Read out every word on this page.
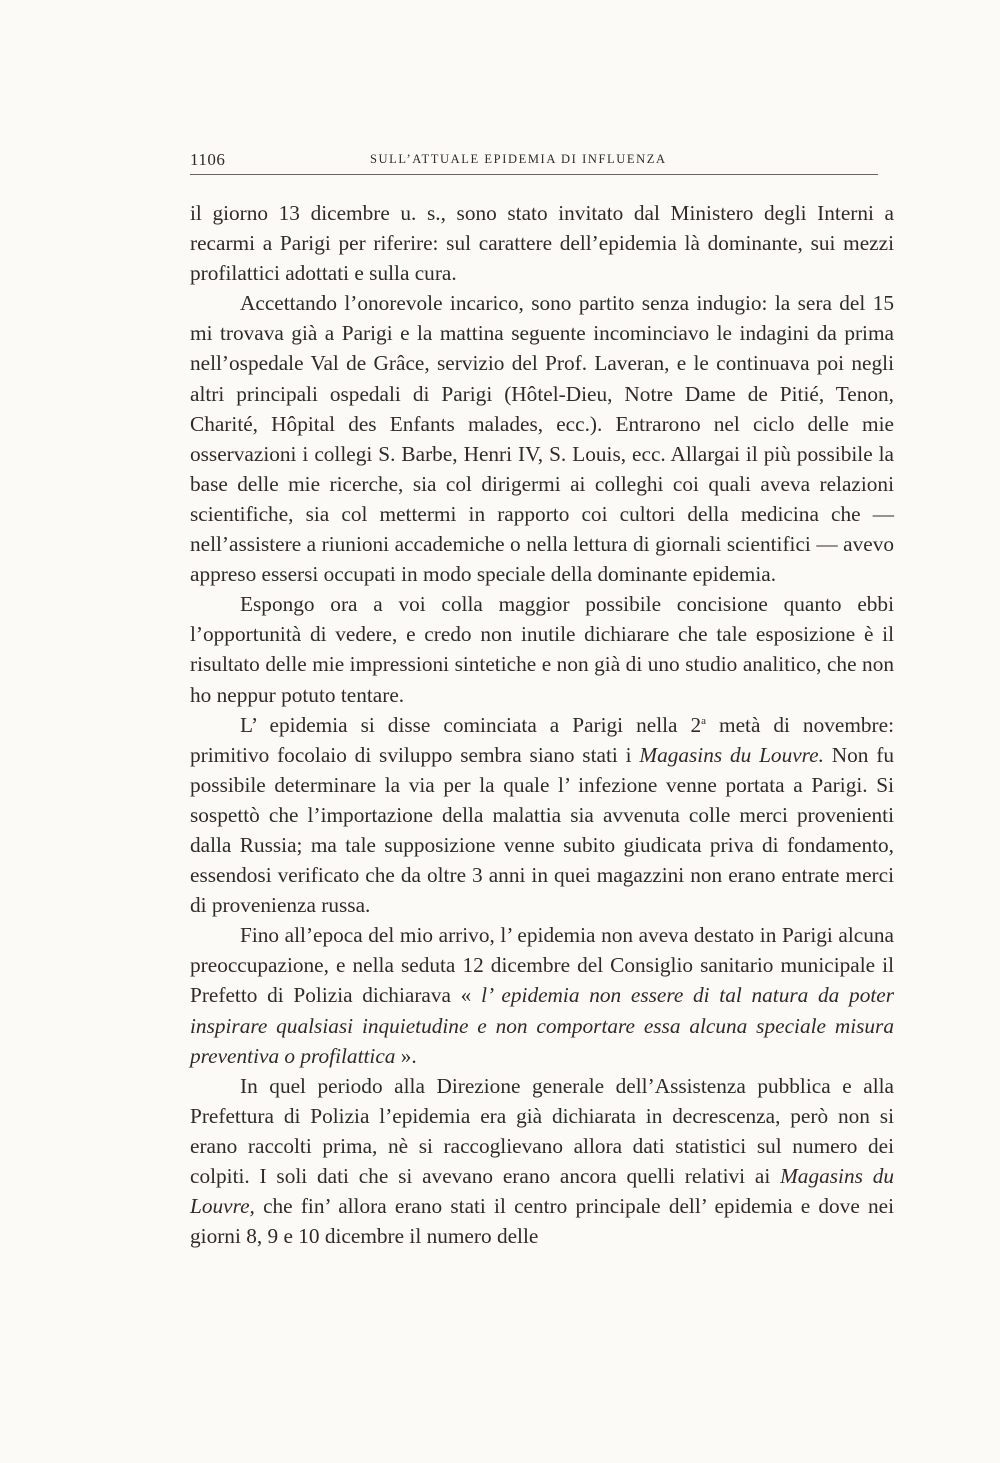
1106	SULL’ATTUALE EPIDEMIA DI INFLUENZA

il giorno 13 dicembre u. s., sono stato invitato dal Ministero degli Interni a recarmi a Parigi per riferire: sul carattere dell’epidemia là dominante, sui mezzi profilattici adottati e sulla cura.

Accettando l’onorevole incarico, sono partito senza indugio: la sera del 15 mi trovava già a Parigi e la mattina seguente incominciavo le indagini da prima nell’ospedale Val de Grâce, servizio del Prof. Laveran, e le continuava poi negli altri principali ospedali di Parigi (Hôtel-Dieu, Notre Dame de Pitié, Tenon, Charité, Hôpital des Enfants malades, ecc.). Entrarono nel ciclo delle mie osservazioni i collegi S. Barbe, Henri IV, S. Louis, ecc. Allargai il più possibile la base delle mie ricerche, sia col dirigermi ai colleghi coi quali aveva relazioni scientifiche, sia col mettermi in rapporto coi cultori della medicina che — nell’assistere a riunioni accademiche o nella lettura di giornali scientifici — avevo appreso essersi occupati in modo speciale della dominante epidemia.

Espongo ora a voi colla maggior possibile concisione quanto ebbi l’opportunità di vedere, e credo non inutile dichiarare che tale esposizione è il risultato delle mie impressioni sintetiche e non già di uno studio analitico, che non ho neppur potuto tentare.

L’ epidemia si disse cominciata a Parigi nella 2$^a$ metà di novembre: primitivo focolaio di sviluppo sembra siano stati i Magasins du Louvre. Non fu possibile determinare la via per la quale l’ infezione venne portata a Parigi. Si sospettò che l’importazione della malattia sia avvenuta colle merci provenienti dalla Russia; ma tale supposizione venne subito giudicata priva di fondamento, essendosi verificato che da oltre 3 anni in quei magazzini non erano entrate merci di provenienza russa.

Fino all’epoca del mio arrivo, l’ epidemia non aveva destato in Parigi alcuna preoccupazione, e nella seduta 12 dicembre del Consiglio sanitario municipale il Prefetto di Polizia dichiarava « l’ epidemia non essere di tal natura da poter inspirare qualsiasi inquietudine e non comportare essa alcuna speciale misura preventiva o profilattica ».

In quel periodo alla Direzione generale dell’Assistenza pubblica e alla Prefettura di Polizia l’epidemia era già dichiarata in decrescenza, però non si erano raccolti prima, nè si raccoglievano allora dati statistici sul numero dei colpiti. I soli dati che si avevano erano ancora quelli relativi ai Magasins du Louvre, che fin’ allora erano stati il centro principale dell’ epidemia e dove nei giorni 8, 9 e 10 dicembre il numero delle
